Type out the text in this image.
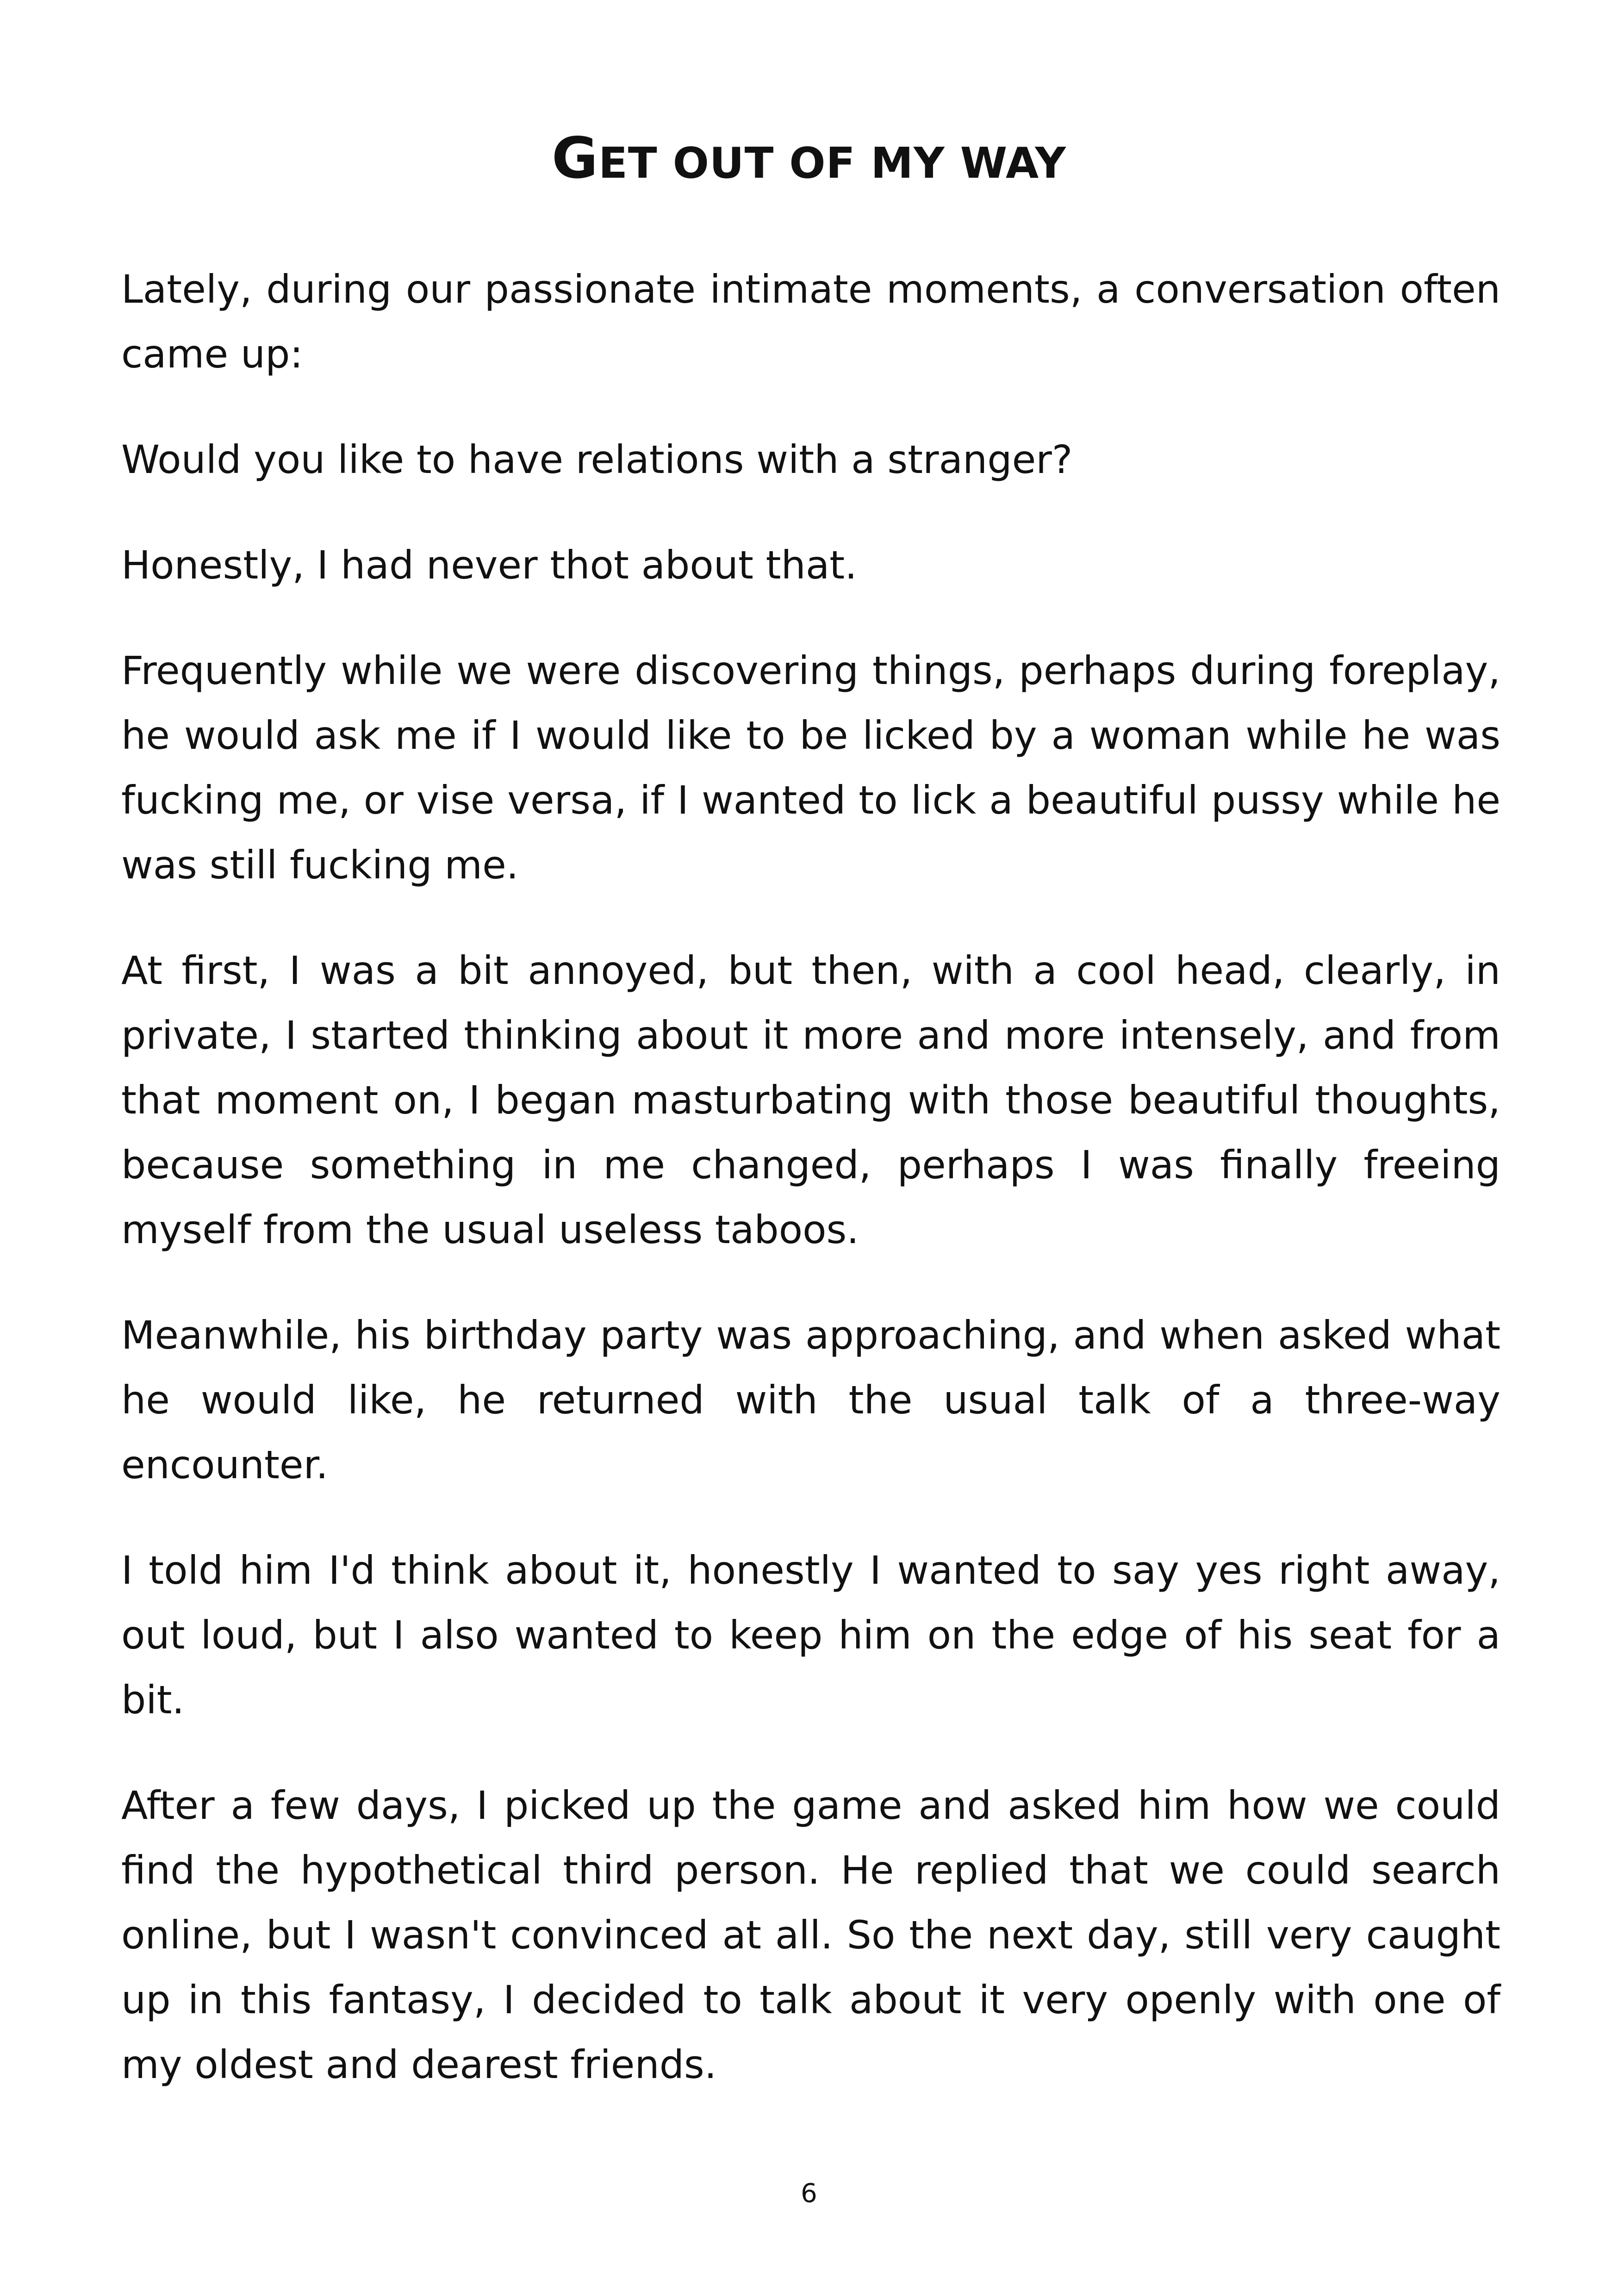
GET OUT OF MY WAY

Lately, during our passionate intimate moments, a conversation often came up:

Would you like to have relations with a stranger?

Honestly, I had never thot about that.

Frequently while we were discovering things, perhaps during foreplay, he would ask me if I would like to be licked by a woman while he was fucking me, or vise versa, if I wanted to lick a beautiful pussy while he was still fucking me.

At first, I was a bit annoyed, but then, with a cool head, clearly, in private, I started thinking about it more and more intensely, and from that moment on, I began masturbating with those beautiful thoughts, because something in me changed, perhaps I was finally freeing myself from the usual useless taboos.

Meanwhile, his birthday party was approaching, and when asked what he would like, he returned with the usual talk of a three-way encounter.

I told him I'd think about it, honestly I wanted to say yes right away, out loud, but I also wanted to keep him on the edge of his seat for a bit.

After a few days, I picked up the game and asked him how we could find the hypothetical third person. He replied that we could search online, but I wasn't convinced at all. So the next day, still very caught up in this fantasy, I decided to talk about it very openly with one of my oldest and dearest friends.

6
